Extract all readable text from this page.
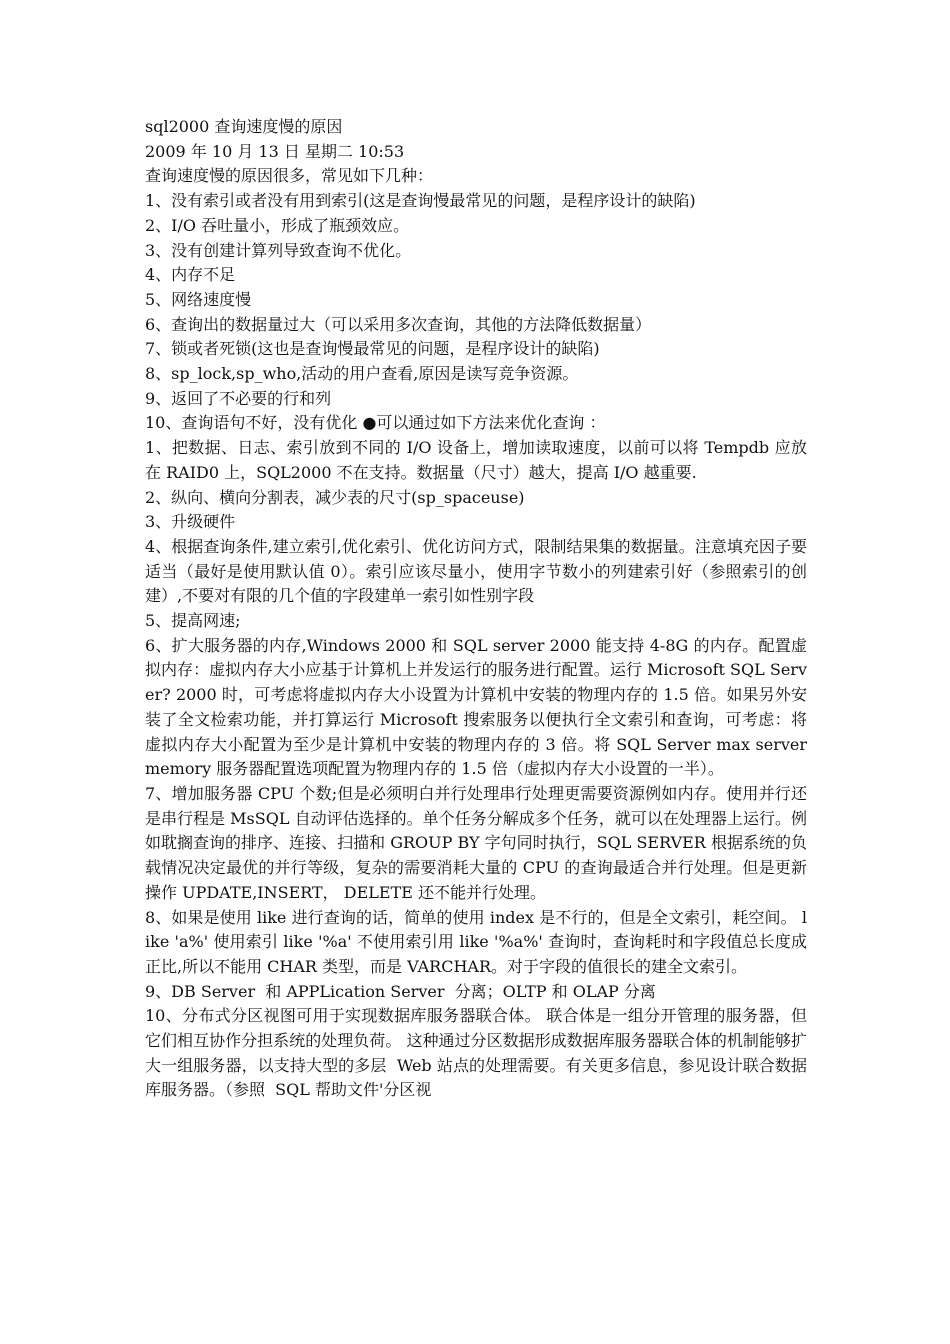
sql2000 查询速度慢的原因

2009 年 10 月 13 日 星期二 10:53

查询速度慢的原因很多，常见如下几种：

1、没有索引或者没有用到索引(这是查询慢最常见的问题，是程序设计的缺陷)

2、I/O 吞吐量小，形成了瓶颈效应。

3、没有创建计算列导致查询不优化。

4、内存不足

5、网络速度慢

6、查询出的数据量过大（可以采用多次查询，其他的方法降低数据量）

7、锁或者死锁(这也是查询慢最常见的问题，是程序设计的缺陷)

8、sp_lock,sp_who,活动的用户查看,原因是读写竞争资源。

9、返回了不必要的行和列

10、查询语句不好，没有优化 ●可以通过如下方法来优化查询 ：

1、把数据、日志、索引放到不同的 I/O 设备上，增加读取速度，以前可以将 Tempdb 应放在 RAID0 上，SQL2000 不在支持。数据量（尺寸）越大，提高 I/O 越重要.

2、纵向、横向分割表，减少表的尺寸(sp_spaceuse)

3、升级硬件

4、根据查询条件,建立索引,优化索引、优化访问方式，限制结果集的数据量。注意填充因子要适当（最好是使用默认值 0）。索引应该尽量小，使用字节数小的列建索引好（参照索引的创建）,不要对有限的几个值的字段建单一索引如性别字段

5、提高网速;

6、扩大服务器的内存,Windows 2000 和 SQL server 2000 能支持 4-8G 的内存。配置虚拟内存：虚拟内存大小应基于计算机上并发运行的服务进行配置。运行 Microsoft SQL Server? 2000 时，可考虑将虚拟内存大小设置为计算机中安装的物理内存的 1.5 倍。如果另外安装了全文检索功能，并打算运行 Microsoft 搜索服务以便执行全文索引和查询，可考虑：将虚拟内存大小配置为至少是计算机中安装的物理内存的 3 倍。将 SQL Server max server memory 服务器配置选项配置为物理内存的 1.5 倍（虚拟内存大小设置的一半）。

7、增加服务器 CPU 个数;但是必须明白并行处理串行处理更需要资源例如内存。使用并行还是串行程是 MsSQL 自动评估选择的。单个任务分解成多个任务，就可以在处理器上运行。例如耽搁查询的排序、连接、扫描和 GROUP BY 字句同时执行，SQL SERVER 根据系统的负载情况决定最优的并行等级，复杂的需要消耗大量的 CPU 的查询最适合并行处理。但是更新操作 UPDATE,INSERT， DELETE 还不能并行处理。

8、如果是使用 like 进行查询的话，简单的使用 index 是不行的，但是全文索引，耗空间。 like 'a%' 使用索引 like '%a' 不使用索引用 like '%a%' 查询时，查询耗时和字段值总长度成正比,所以不能用 CHAR 类型，而是 VARCHAR。对于字段的值很长的建全文索引。

9、DB Server  和 APPLication Server  分离；OLTP 和 OLAP 分离

10、分布式分区视图可用于实现数据库服务器联合体。 联合体是一组分开管理的服务器，但它们相互协作分担系统的处理负荷。 这种通过分区数据形成数据库服务器联合体的机制能够扩大一组服务器，以支持大型的多层  Web 站点的处理需要。有关更多信息，参见设计联合数据库服务器。（参照  SQL 帮助文件'分区视
